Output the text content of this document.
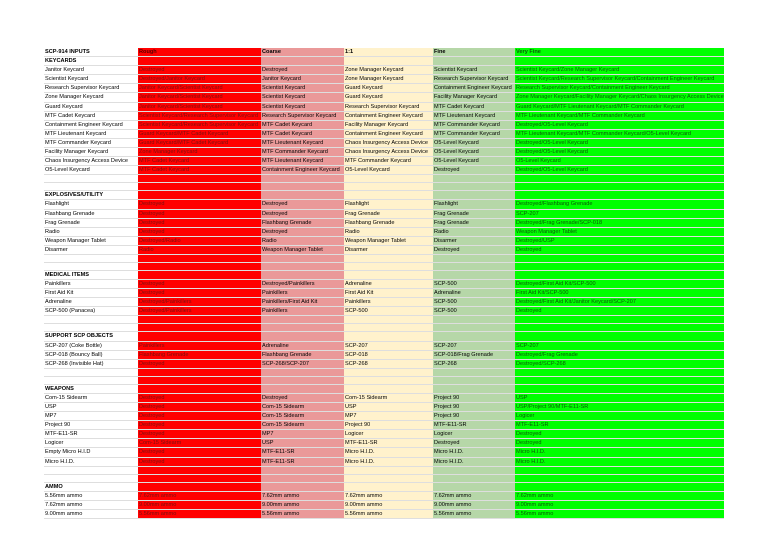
SCP-914 INPUTS	Rough	Coarse	1:1	Fine	Very Fine
KEYCARDS					
Janitor Keycard	Destroyed	Destroyed	Zone Manager Keycard	Scientist Keycard	Scientist Keycard/Zone Manager Keycard
Scientist Keycard	Destroyed/Janitor Keycard	Janitor Keycard	Zone Manager Keycard	Research Supervisor Keycard	Scientist Keycard/Research Supervisor Keycard/Containment Engineer Keycard
Research Supervisor Keycard	Janitor Keycard/Scientist Keycard	Scientist Keycard	Guard Keycard	Containment Engineer Keycard	Research Supervisor Keycard/Containment Engineer Keycard
Zone Manager Keycard	Janitor Keycard/Scientist Keycard	Scientist Keycard	Guard Keycard	Facility Manager Keycard	Zone Manager Keycard/Facility Manager Keycard/Chaos Insurgency Access Device
Guard Keycard	Janitor Keycard/Scientist Keycard	Scientist Keycard	Research Supervisor Keycard	MTF Cadet Keycard	Guard Keycard/MTF Lieutenant Keycard/MTF Commander Keycard
MTF Cadet Keycard	Scientist Keycard/Research Supervisor Keycard	Research Supervisor Keycard	Containment Engineer Keycard	MTF Lieutenant Keycard	MTF Lieutenant Keycard/MTF Commander Keycard
Containment Engineer Keycard	Scientist Keycard/Research Supervisor Keycard	MTF Cadet Keycard	Facility Manager Keycard	MTF Commander Keycard	Destroyed/O5-Level Keycard
MTF Lieutenant Keycard	Guard Keycard/MTF Cadet Keycard	MTF Cadet Keycard	Containment Engineer Keycard	MTF Commander Keycard	MTF Lieutenant Keycard/MTF Commander Keycard/O5-Level Keycard
MTF Commander Keycard	Guard Keycard/MTF Cadet Keycard	MTF Lieutenant Keycard	Chaos Insurgency Access Device	O5-Level Keycard	Destroyed/O5-Level Keycard
Facility Manager Keycard	Zone Manager Keycard	MTF Commander Keycard	Chaos Insurgency Access Device	O5-Level Keycard	Destroyed/O5-Level Keycard
Chaos Insurgency Access Device	MTF Cadet Keycard	MTF Lieutenant Keycard	MTF Commander Keycard	O5-Level Keycard	O5-Level Keycard
O5-Level Keycard	MTF Cadet Keycard	Containment Engineer Keycard	O5-Level Keycard	Destroyed	Destroyed/O5-Level Keycard

EXPLOSIVES/UTILITY					
Flashlight	Destroyed	Destroyed	Flashlight	Flashlight	Destroyed/Flashbang Grenade
Flashbang Grenade	Destroyed	Destroyed	Frag Grenade	Frag Grenade	SCP-207
Frag Grenade	Destroyed	Flashbang Grenade	Flashbang Grenade	Frag Grenade	Destroyed/Frag Grenade/SCP-018
Radio	Destroyed	Destroyed	Radio	Radio	Weapon Manager Tablet
Weapon Manager Tablet	Destroyed/Radio	Radio	Weapon Manager Tablet	Disarmer	Destroyed/USP
Disarmer	Radio	Weapon Manager Tablet	Disarmer	Destroyed	Destroyed

MEDICAL ITEMS					
Painkillers	Destroyed	Destroyed/Painkillers	Adrenaline	SCP-500	Destroyed/First Aid Kit/SCP-500
First Aid Kit	Destroyed	Painkillers	First Aid Kit	Adrenaline	First Aid Kit/SCP-500
Adrenaline	Destroyed/Painkillers	Painkillers/First Aid Kit	Painkillers	SCP-500	Destroyed/First Aid Kit/Janitor Keycard/SCP-207
SCP-500 (Panacea)	Destroyed/Painkillers	Painkillers	SCP-500	SCP-500	Destroyed

SUPPORT SCP OBJECTS					
SCP-207 (Coke Bottle)	Painkillers	Adrenaline	SCP-207	SCP-207	SCP-207
SCP-018 (Bouncy Ball)	Flashbang Grenade	Flashbang Grenade	SCP-018	SCP-018/Frag Grenade	Destroyed/Frag Grenade
SCP-268 (Invisible Hat)	Destroyed	SCP-268/SCP-207	SCP-268	SCP-268	Destroyed/SCP-268

WEAPONS					
Com-15 Sidearm	Destroyed	Destroyed	Com-15 Sidearm	Project 90	USP
USP	Destroyed	Com-15 Sidearm	USP	Project 90	USP/Project 90/MTF-E11-SR
MP7	Destroyed	Com-15 Sidearm	MP7	Project 90	Logicer
Project 90	Destroyed	Com-15 Sidearm	Project 90	MTF-E11-SR	MTF-E11-SR
MTF-E11-SR	Destroyed	MP7	Logicer	Logicer	Destroyed
Logicer	Com-15 Sidearm	USP	MTF-E11-SR	Destroyed	Destroyed
Empty Micro H.I.D	Destroyed	MTF-E11-SR	Micro H.I.D.	Micro H.I.D.	Micro H.I.D.
Micro H.I.D.	Destroyed	MTF-E11-SR	Micro H.I.D.	Micro H.I.D.	Micro H.I.D.

AMMO					
5.56mm ammo	7.62mm ammo	7.62mm ammo	7.62mm ammo	7.62mm ammo	7.62mm ammo
7.62mm ammo	9.00mm ammo	9.00mm ammo	9.00mm ammo	9.00mm ammo	9.00mm ammo
9.00mm ammo	5.56mm ammo	5.56mm ammo	5.56mm ammo	5.56mm ammo	5.56mm ammo
